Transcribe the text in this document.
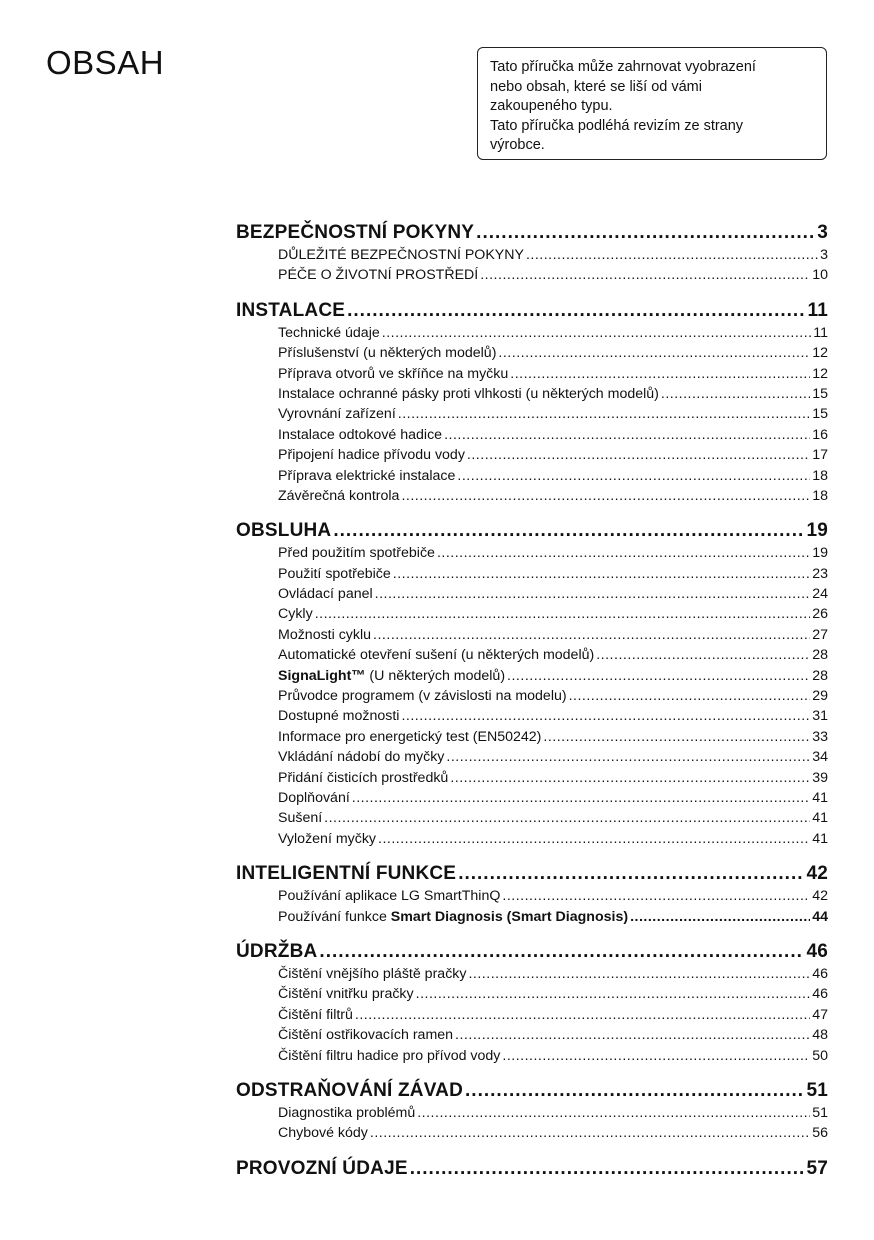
OBSAH	Tato příručka může zahrnovat vyobrazení
nebo obsah, které se liší od vámi
zakoupeného typu.
Tato příručka podléhá revizím ze strany
výrobce.
BEZPEČNOSTNÍ POKYNY .....	3
DŮLEŽITÉ BEZPEČNOSTNÍ POKYNY .....	3
PÉČE O ŽIVOTNÍ PROSTŘEDÍ .....	10
INSTALACE .....	11
Technické údaje .....	11
Příslušenství (u některých modelů) .....	12
Příprava otvorů ve skříňce na myčku .....	12
Instalace ochranné pásky proti vlhkosti (u některých modelů) .....	15
Vyrovnání zařízení .....	15
Instalace odtokové hadice .....	16
Připojení hadice přívodu vody .....	17
Příprava elektrické instalace .....	18
Závěrečná kontrola .....	18
OBSLUHA .....	19
Před použitím spotřebiče .....	19
Použití spotřebiče .....	23
Ovládací panel .....	24
Cykly .....	26
Možnosti cyklu .....	27
Automatické otevření sušení (u některých modelů) .....	28
SignaLight™ (U některých modelů) .....	28
Průvodce programem (v závislosti na modelu) .....	29
Dostupné možnosti .....	31
Informace pro energetický test (EN50242) .....	33
Vkládání nádobí do myčky .....	34
Přidání čisticích prostředků .....	39
Doplňování .....	41
Sušení .....	41
Vyložení myčky .....	41
INTELIGENTNÍ FUNKCE .....	42
Používání aplikace LG SmartThinQ .....	42
Používání funkce Smart Diagnosis (Smart Diagnosis) .....	44
ÚDRŽBA .....	46
Čištění vnějšího pláště pračky .....	46
Čištění vnitřku pračky .....	46
Čištění filtrů .....	47
Čištění ostřikovacích ramen .....	48
Čištění filtru hadice pro přívod vody .....	50
ODSTRAŇOVÁNÍ ZÁVAD .....	51
Diagnostika problémů .....	51
Chybové kódy .....	56
PROVOZNÍ ÚDAJE .....	57
